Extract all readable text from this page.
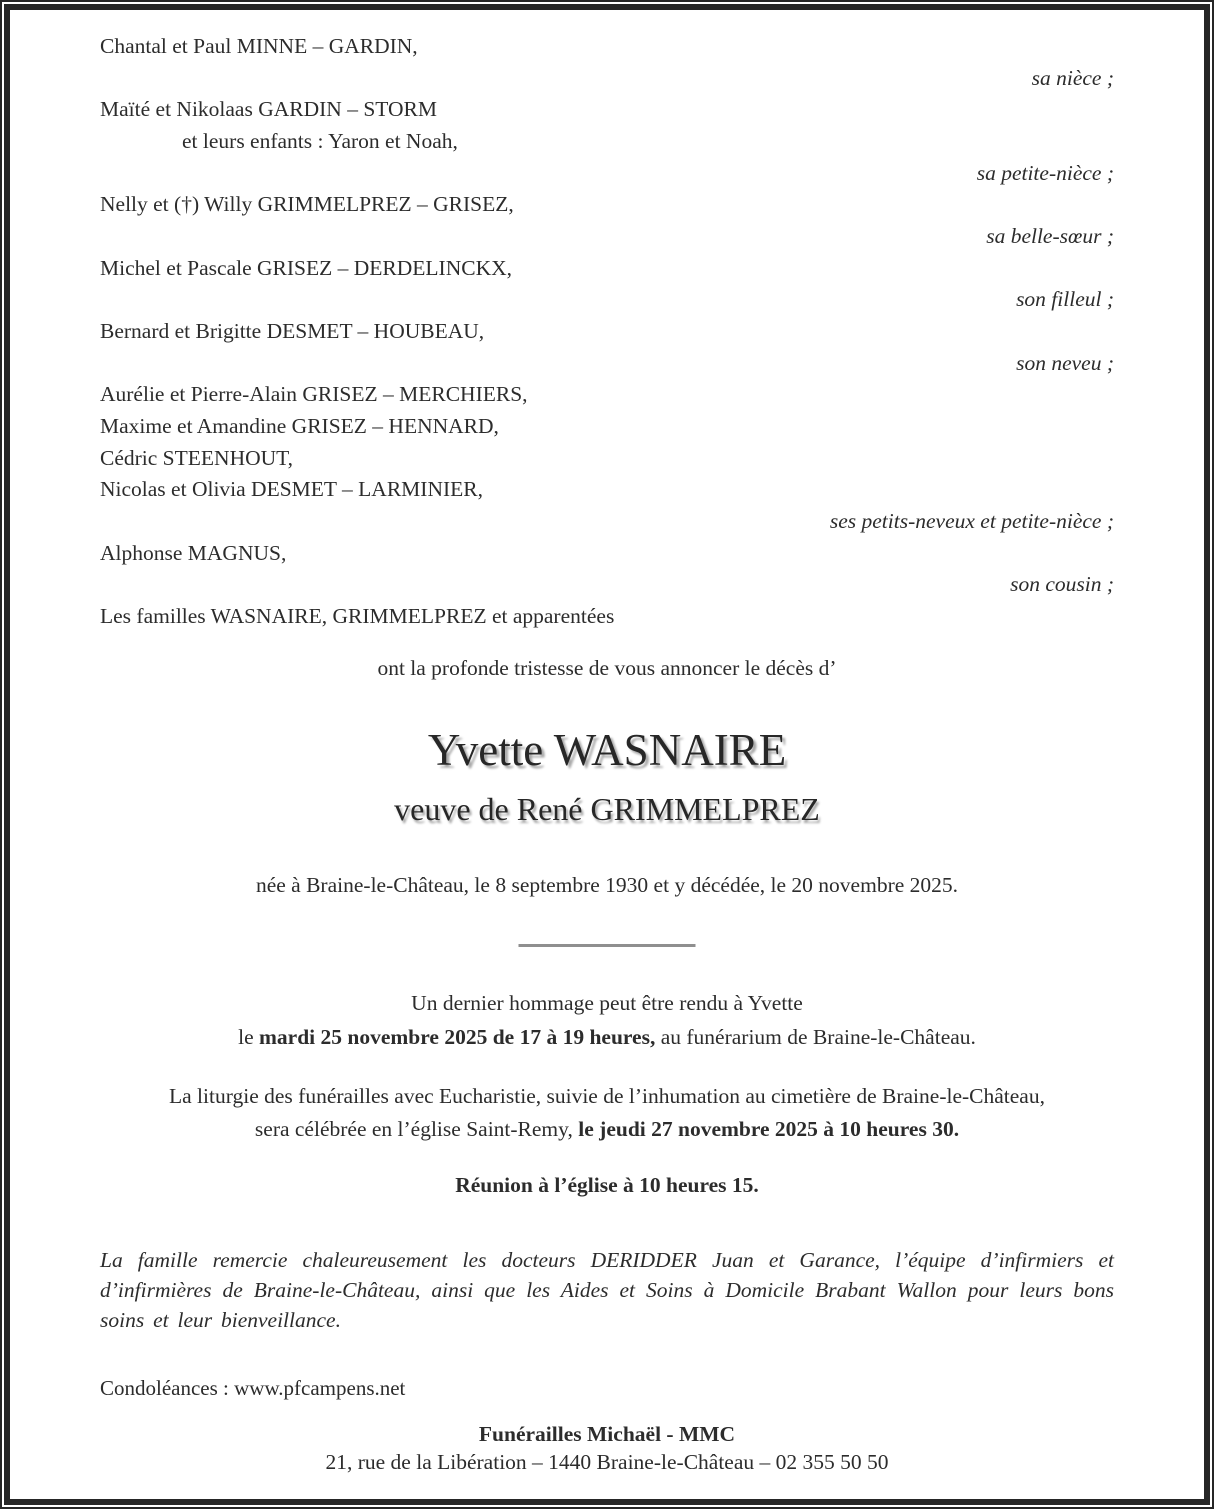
Chantal et Paul MINNE – GARDIN,
sa nièce ;
Maïté et Nikolaas GARDIN – STORM
et leurs enfants : Yaron et Noah,
sa petite-nièce ;
Nelly et (†) Willy GRIMMELPREZ – GRISEZ,
sa belle-sœur ;
Michel et Pascale GRISEZ – DERDELINCKX,
son filleul ;
Bernard et Brigitte DESMET – HOUBEAU,
son neveu ;
Aurélie et Pierre-Alain GRISEZ – MERCHIERS,
Maxime et Amandine GRISEZ – HENNARD,
Cédric STEENHOUT,
Nicolas et Olivia DESMET – LARMINIER,
ses petits-neveux et petite-nièce ;
Alphonse MAGNUS,
son cousin ;
Les familles WASNAIRE, GRIMMELPREZ et apparentées
ont la profonde tristesse de vous annoncer le décès d’
Yvette WASNAIRE
veuve de René GRIMMELPREZ
née à Braine-le-Château, le 8 septembre 1930 et y décédée, le 20 novembre 2025.
Un dernier hommage peut être rendu à Yvette
le mardi 25 novembre 2025 de 17 à 19 heures, au funérarium de Braine-le-Château.
La liturgie des funérailles avec Eucharistie, suivie de l’inhumation au cimetière de Braine-le-Château,
sera célébrée en l’église Saint-Remy, le jeudi 27 novembre 2025 à 10 heures 30.
Réunion à l’église à 10 heures 15.

La famille remercie chaleureusement les docteurs DERIDDER Juan et Garance, l’équipe d’infirmiers et d’infirmières de Braine-le-Château, ainsi que les Aides et Soins à Domicile Brabant Wallon pour leurs bons soins et leur bienveillance.

Condoléances : www.pfcampens.net
Funérailles Michaël - MMC
21, rue de la Libération – 1440 Braine-le-Château – 02 355 50 50
